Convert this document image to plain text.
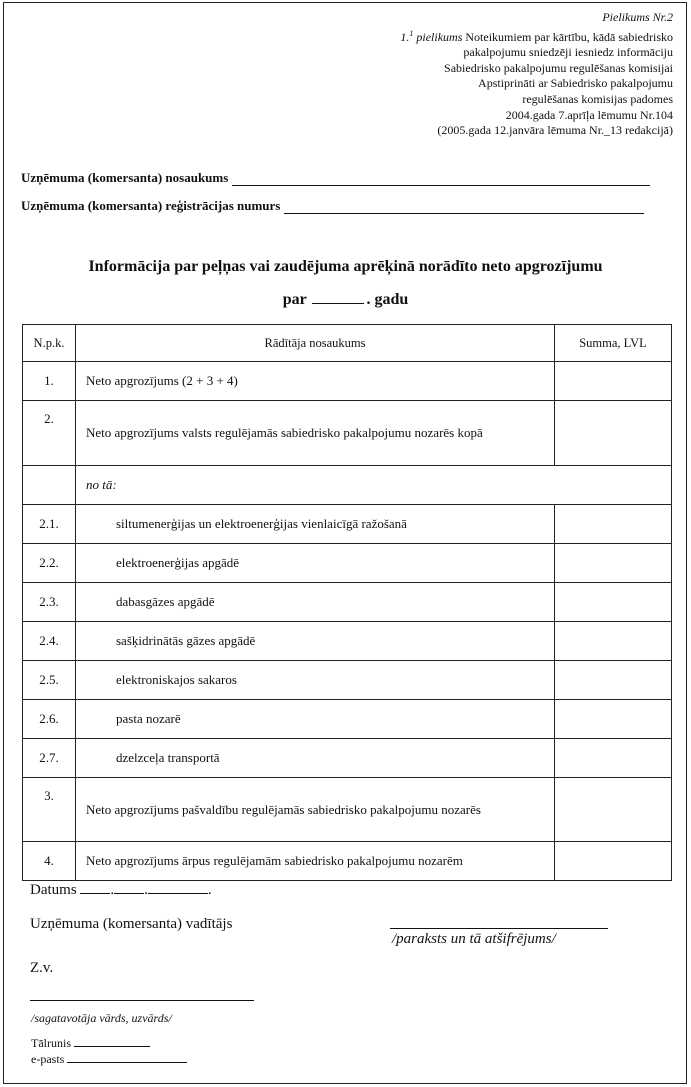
Pielikums Nr.2
1.$^1$ pielikums Noteikumiem par kārtību, kādā sabiedrisko
pakalpojumu sniedzēji iesniedz informāciju
Sabiedrisko pakalpojumu regulēšanas komisijai
Apstiprināti ar Sabiedrisko pakalpojumu
regulēšanas komisijas padomes
2004.gada 7.aprīļa lēmumu Nr.104
(2005.gada 12.janvāra lēmuma Nr._13 redakcijā)
Uzņēmuma (komersanta) nosaukums
Uzņēmuma (komersanta) reģistrācijas numurs
Informācija par peļņas vai zaudējuma aprēķinā norādīto neto apgrozījumu
par	. gadu
N.p.k.	Rādītāja nosaukums	Summa, LVL
1.	Neto apgrozījums (2 + 3 + 4)	
2.	Neto apgrozījums valsts regulējamās sabiedrisko pakalpojumu nozarēs kopā	
	no tā:	
2.1.	siltumenerģijas un elektroenerģijas vienlaicīgā ražošanā	
2.2.	elektroenerģijas apgādē	
2.3.	dabasgāzes apgādē	
2.4.	sašķidrinātās gāzes apgādē	
2.5.	elektroniskajos sakaros	
2.6.	pasta nozarē	
2.7.	dzelzceļa transportā	
3.	Neto apgrozījums pašvaldību regulējamās sabiedrisko pakalpojumu nozarēs	
4.	Neto apgrozījums ārpus regulējamām sabiedrisko pakalpojumu nozarēm	
Datums . .	.
Uzņēmuma (komersanta) vadītājs
/paraksts un tā atšifrējums/
Z.v.
/sagatavotāja vārds, uzvārds/
Tālrunis
e-pasts
